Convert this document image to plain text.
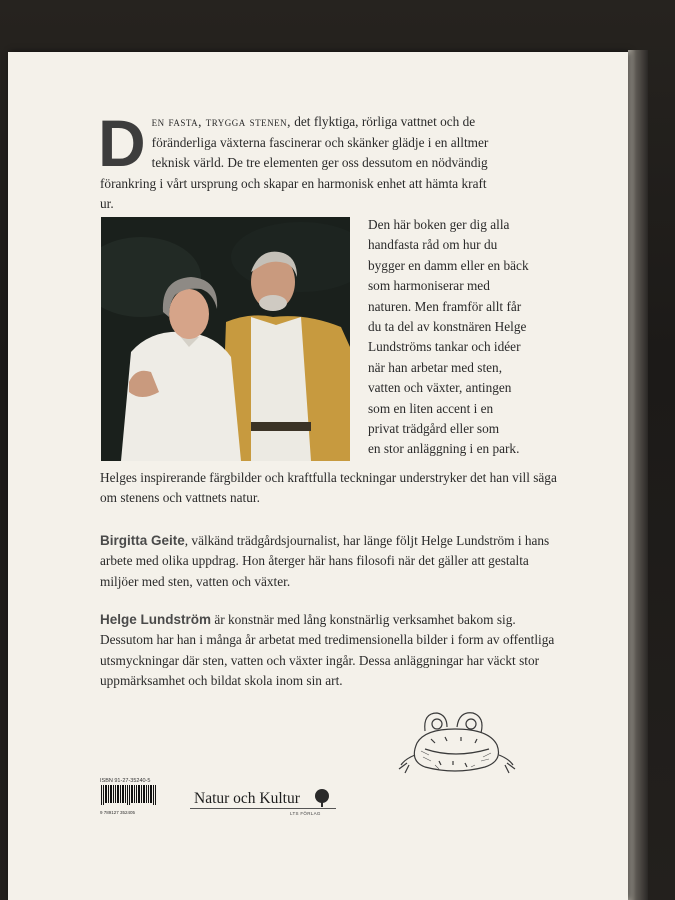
Den fasta, trygga stenen, det flyktiga, rörliga vattnet och de föränderliga växterna fascinerar och skänker glädje i en alltmer teknisk värld. De tre elementen ger oss dessutom en nödvändig förankring i vårt ursprung och skapar en harmonisk enhet att hämta kraft ur.
Den här boken ger dig alla
handfasta råd om hur du
bygger en damm eller en bäck
som harmoniserar med
naturen. Men framför allt får
du ta del av konstnären Helge
Lundströms tankar och idéer
när han arbetar med sten,
vatten och växter, antingen
som en liten accent i en
privat trädgård eller som
en stor anläggning i en park.
Helges inspirerande färgbilder och kraftfulla teckningar understryker det han vill säga om stenens och vattnets natur.
Birgitta Geite, välkänd trädgårdsjournalist, har länge följt Helge Lundström i hans arbete med olika uppdrag. Hon återger här hans filosofi när det gäller att gestalta miljöer med sten, vatten och växter.
Helge Lundström är konstnär med lång konstnärlig verksamhet bakom sig. Dessutom har han i många år arbetat med tredimensionella bilder i form av offentliga utsmyckningar där sten, vatten och växter ingår. Dessa anläggningar har väckt stor uppmärksamhet och bildat skola inom sin art.
ISBN 91-27-35240-5
9 789127 352405
Natur och Kultur
LTS FÖRLAG
